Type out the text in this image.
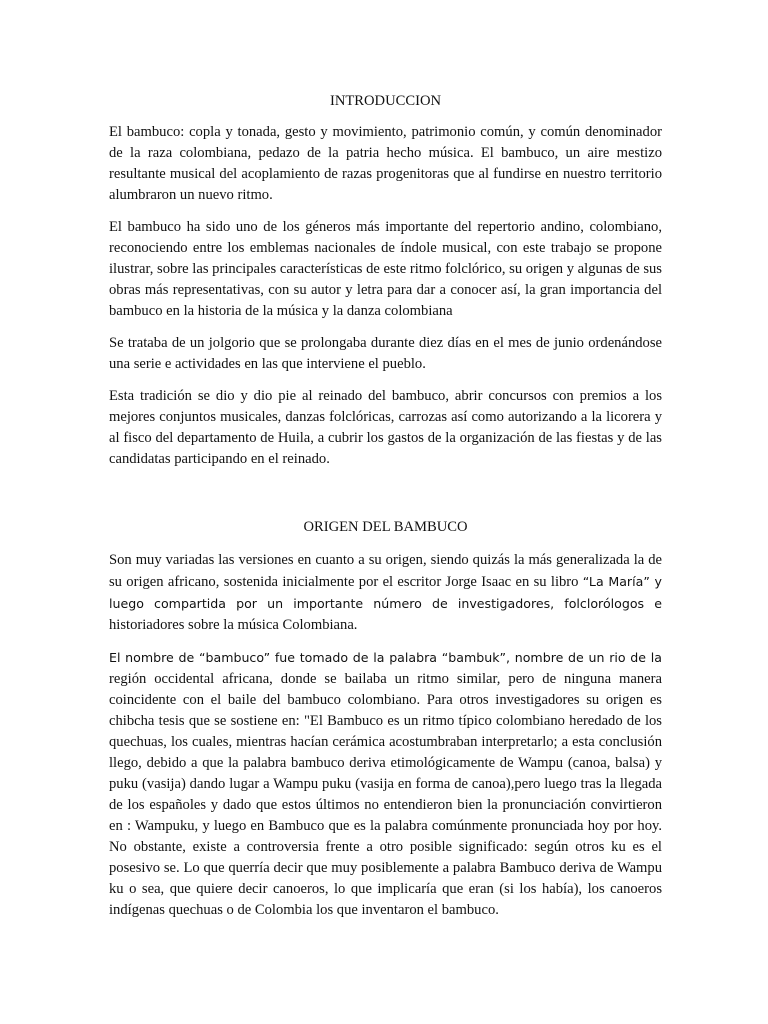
INTRODUCCION

El bambuco: copla y tonada, gesto y movimiento, patrimonio común, y común denominador de la raza colombiana, pedazo de la patria hecho música. El bambuco, un aire mestizo resultante musical del acoplamiento de razas progenitoras que al fundirse en nuestro territorio alumbraron un nuevo ritmo.

El bambuco ha sido uno de los géneros más importante del repertorio andino, colombiano, reconociendo entre los emblemas nacionales de índole musical, con este trabajo se propone ilustrar, sobre las principales características de este ritmo folclórico, su origen y algunas de sus obras más representativas, con su autor y letra para dar a conocer así, la gran importancia del bambuco en la historia de la música y la danza colombiana

Se trataba de un jolgorio que se prolongaba durante diez días en el mes de junio ordenándose una serie e actividades en las que interviene el pueblo.

Esta tradición se dio y dio pie al reinado del bambuco, abrir concursos con premios a los mejores conjuntos musicales, danzas folclóricas, carrozas así como autorizando a la licorera y al fisco del departamento de Huila, a cubrir los gastos de la organización de las fiestas y de las candidatas participando en el reinado.

ORIGEN DEL BAMBUCO

Son muy variadas las versiones en cuanto a su origen, siendo quizás la más generalizada la de su origen africano, sostenida inicialmente por el escritor Jorge Isaac en su libro “La María” y luego compartida por un importante número de investigadores, folclorólogos e historiadores sobre la música Colombiana.

El nombre de “bambuco” fue tomado de la palabra “bambuk”, nombre de un rio de la región occidental africana, donde se bailaba un ritmo similar, pero de ninguna manera coincidente con el baile del bambuco colombiano. Para otros investigadores su origen es chibcha tesis que se sostiene en: "El Bambuco es un ritmo típico colombiano heredado de los quechuas, los cuales, mientras hacían cerámica acostumbraban interpretarlo; a esta conclusión llego, debido a que la palabra bambuco deriva etimológicamente de Wampu (canoa, balsa) y puku (vasija) dando lugar a Wampu puku (vasija en forma de canoa),pero luego tras la llegada de los españoles y dado que estos últimos no entendieron bien la pronunciación convirtieron en : Wampuku, y luego en Bambuco que es la palabra comúnmente pronunciada hoy por hoy. No obstante, existe a controversia frente a otro posible significado: según otros ku es el posesivo se. Lo que querría decir que muy posiblemente a palabra Bambuco deriva de Wampu ku o sea, que quiere decir canoeros, lo que implicaría que eran (si los había), los canoeros indígenas quechuas o de Colombia los que inventaron el bambuco.
